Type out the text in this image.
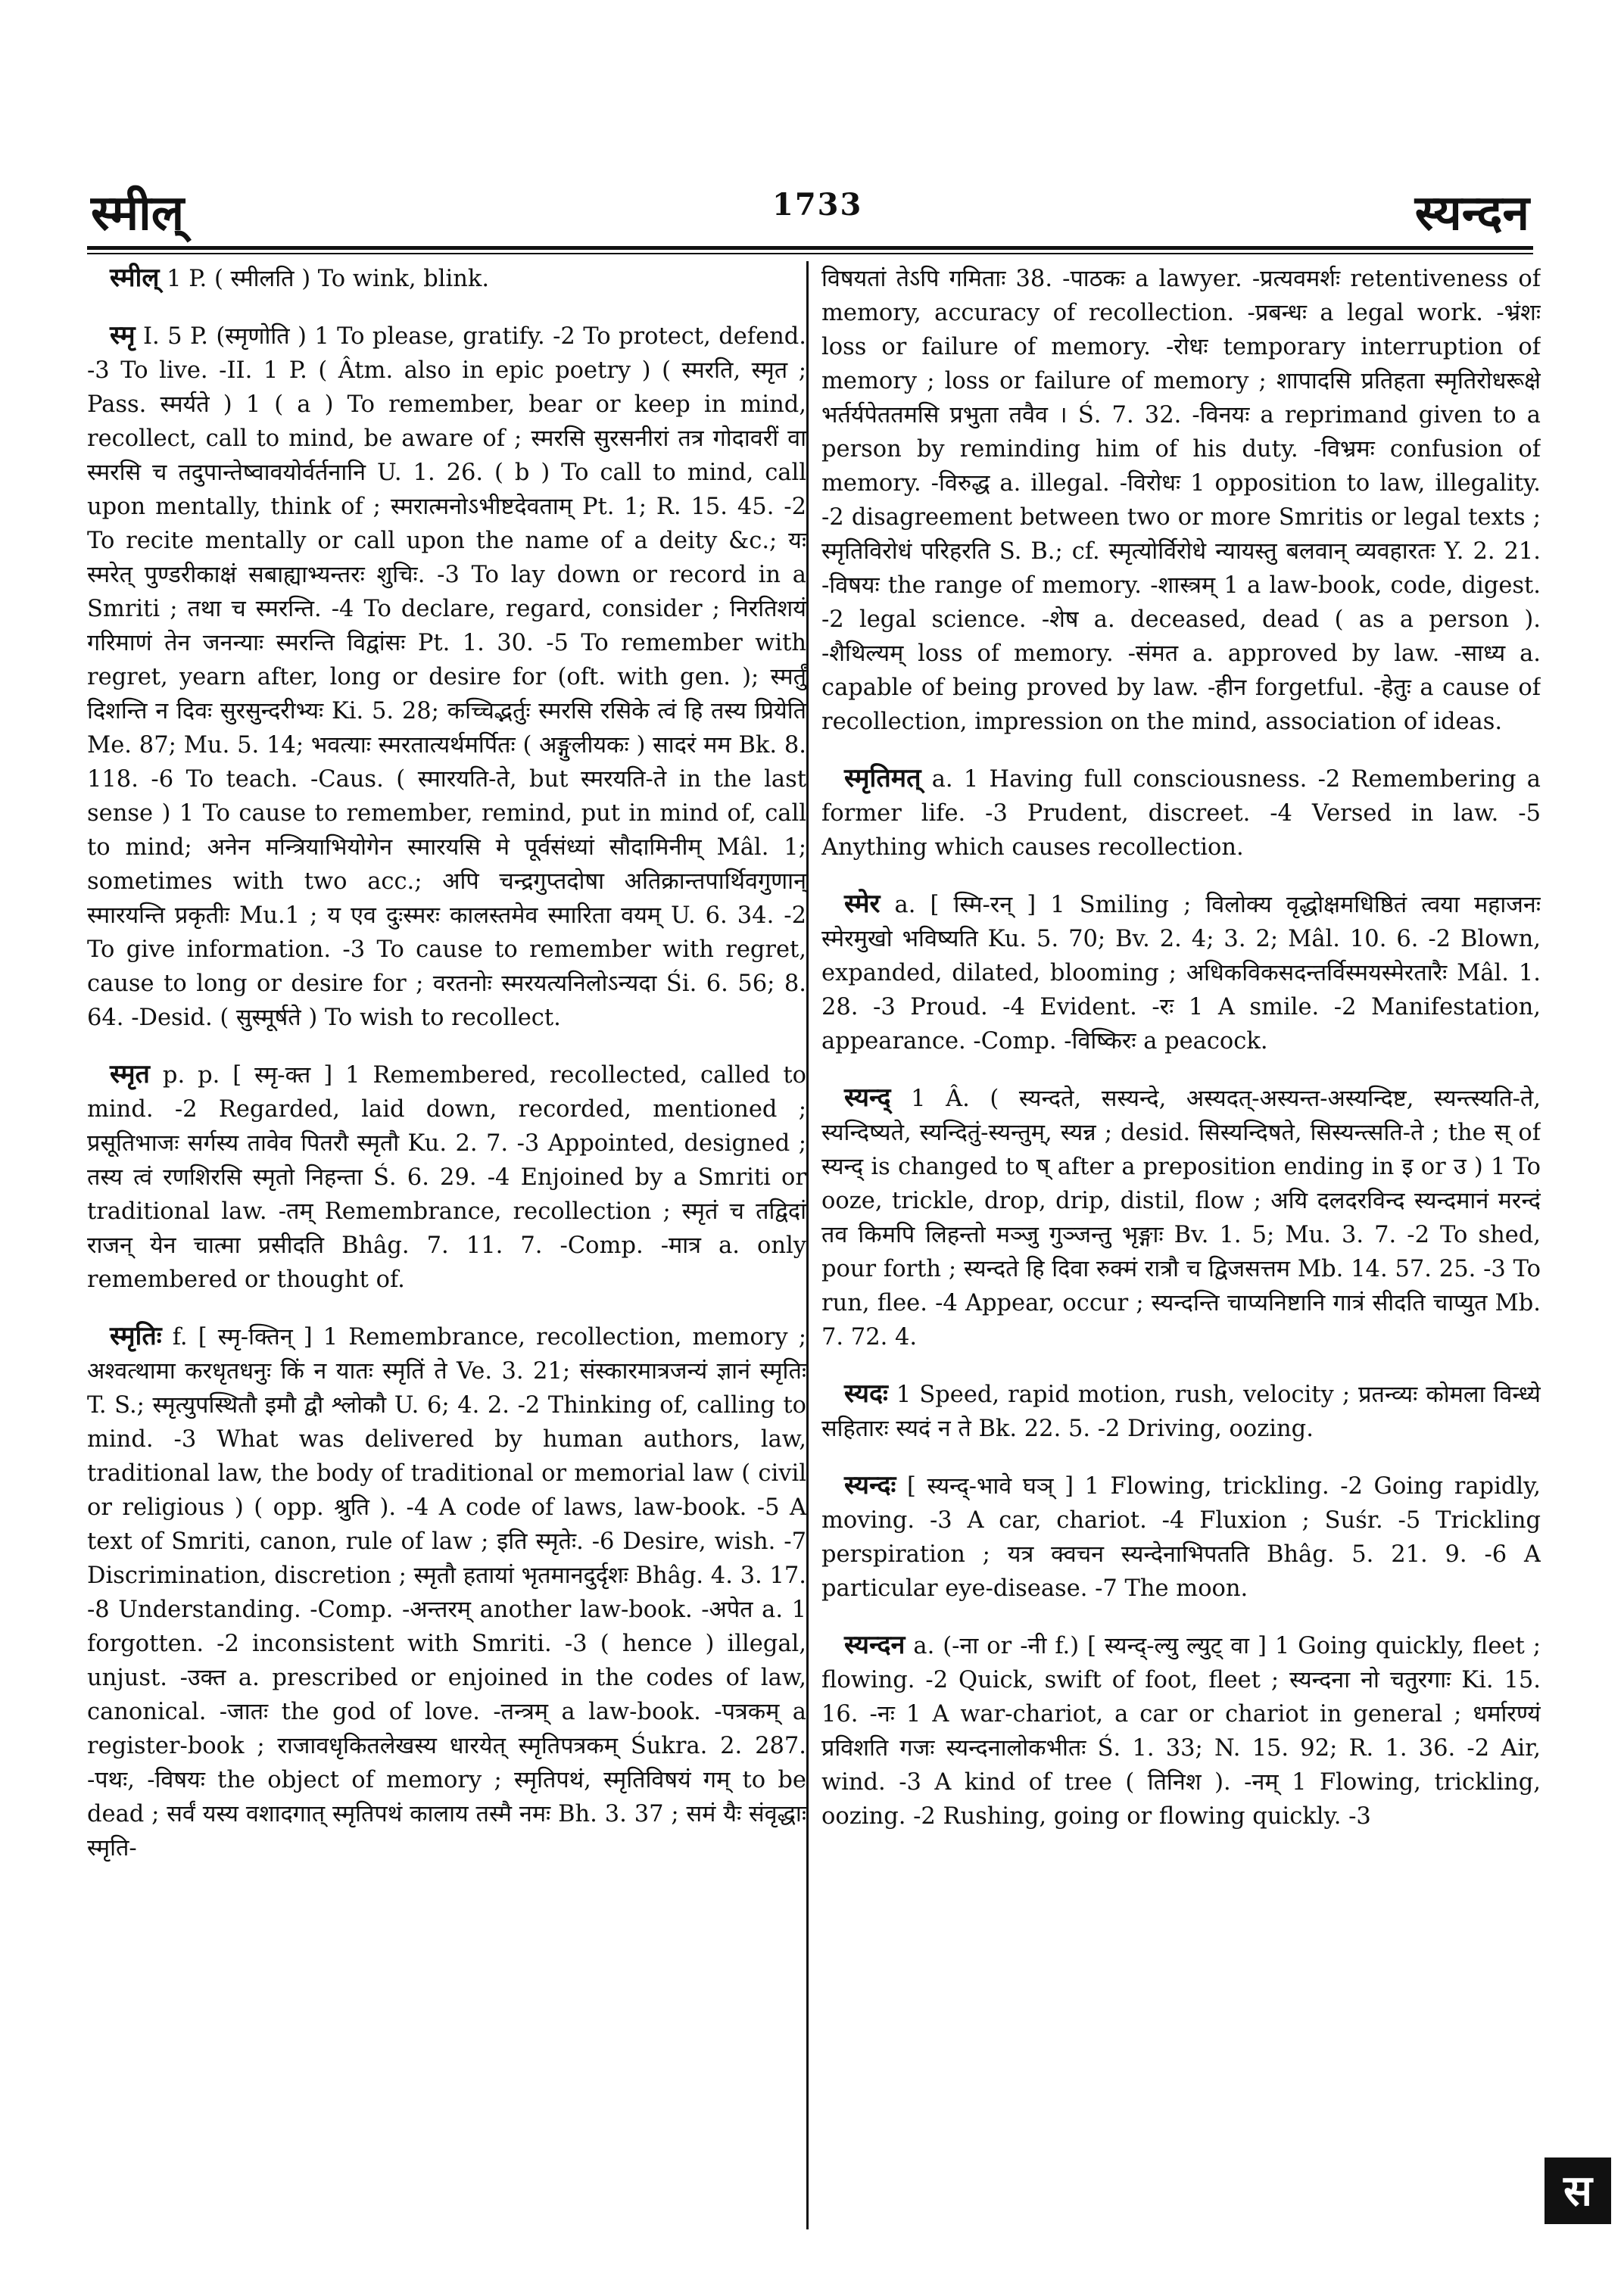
स्मील्	1733	स्यन्दन

स्मील् 1 P. ( स्मीलति ) To wink, blink.

स्मृ I. 5 P. (स्मृणोति ) 1 To please, gratify. -2 To protect, defend. -3 To live. -II. 1 P. ( Âtm. also in epic poetry ) ( स्मरति, स्मृत ; Pass. स्मर्यते ) 1 ( a ) To remember, bear or keep in mind, recollect, call to mind, be aware of ; स्मरसि सुरसनीरां तत्र गोदावरीं वा स्मरसि च तदुपान्तेष्वावयोर्वर्तनानि U. 1. 26. ( b ) To call to mind, call upon mentally, think of ; स्मरात्मनोऽभीष्टदेवताम् Pt. 1; R. 15. 45. -2 To recite mentally or call upon the name of a deity &c.; यः स्मरेत् पुण्डरीकाक्षं सबाह्याभ्यन्तरः शुचिः. -3 To lay down or record in a Smriti ; तथा च स्मरन्ति. -4 To declare, regard, consider ; निरतिशयं गरिमाणं तेन जनन्याः स्मरन्ति विद्वांसः Pt. 1. 30. -5 To remember with regret, yearn after, long or desire for (oft. with gen. ); स्मर्तुं दिशन्ति न दिवः सुरसुन्दरीभ्यः Ki. 5. 28; कच्चिद्भर्तुः स्मरसि रसिके त्वं हि तस्य प्रियेति Me. 87; Mu. 5. 14; भवत्याः स्मरतात्यर्थमर्पितः ( अङ्गुलीयकः ) सादरं मम Bk. 8. 118. -6 To teach. -Caus. ( स्मारयति-ते, but स्मरयति-ते in the last sense ) 1 To cause to remember, remind, put in mind of, call to mind; अनेन मन्त्रियाभियोगेन स्मारयसि मे पूर्वसंध्यां सौदामिनीम् Mâl. 1; sometimes with two acc.; अपि चन्द्रगुप्तदोषा अतिक्रान्तपार्थिवगुणान् स्मारयन्ति प्रकृतीः Mu.1 ; य एव दुःस्मरः कालस्तमेव स्मारिता वयम् U. 6. 34. -2 To give information. -3 To cause to remember with regret, cause to long or desire for ; वरतनोः स्मरयत्यनिलोऽन्यदा Śi. 6. 56; 8. 64. -Desid. ( सुस्मूर्षते ) To wish to recollect.

स्मृत p. p. [ स्मृ-क्त ] 1 Remembered, recollected, called to mind. -2 Regarded, laid down, recorded, mentioned ; प्रसूतिभाजः सर्गस्य तावेव पितरौ स्मृतौ Ku. 2. 7. -3 Appointed, designed ; तस्य त्वं रणशिरसि स्मृतो निहन्ता Ś. 6. 29. -4 Enjoined by a Smriti or traditional law. -तम् Remembrance, recollection ; स्मृतं च तद्विदां राजन् येन चात्मा प्रसीदति Bhâg. 7. 11. 7. -Comp. -मात्र a. only remembered or thought of.

स्मृतिः f. [ स्मृ-क्तिन् ] 1 Remembrance, recollection, memory ; अश्वत्थामा करधृतधनुः किं न यातः स्मृतिं ते Ve. 3. 21; संस्कारमात्रजन्यं ज्ञानं स्मृतिः T. S.; स्मृत्युपस्थितौ इमौ द्वौ श्लोकौ U. 6; 4. 2. -2 Thinking of, calling to mind. -3 What was delivered by human authors, law, traditional law, the body of traditional or memorial law ( civil or religious ) ( opp. श्रुति ). -4 A code of laws, law-book. -5 A text of Smriti, canon, rule of law ; इति स्मृतेः. -6 Desire, wish. -7 Discrimination, discretion ; स्मृतौ हतायां भृतमानदुर्दृशः Bhâg. 4. 3. 17. -8 Understanding. -Comp. -अन्तरम् another law-book. -अपेत a. 1 forgotten. -2 inconsistent with Smriti. -3 ( hence ) illegal, unjust. -उक्त a. prescribed or enjoined in the codes of law, canonical. -जातः the god of love. -तन्त्रम् a law-book. -पत्रकम् a register-book ; राजावधृकितलेखस्य धारयेत् स्मृतिपत्रकम् Śukra. 2. 287. -पथः, -विषयः the object of memory ; स्मृतिपथं, स्मृतिविषयं गम् to be dead ; सर्वं यस्य वशादगात् स्मृतिपथं कालाय तस्मै नमः Bh. 3. 37 ; समं यैः संवृद्धाः स्मृति-

विषयतां तेऽपि गमिताः 38. -पाठकः a lawyer. -प्रत्यवमर्शः retentiveness of memory, accuracy of recollection. -प्रबन्धः a legal work. -भ्रंशः loss or failure of memory. -रोधः temporary interruption of memory ; loss or failure of memory ; शापादसि प्रतिहता स्मृतिरोधरूक्षे भर्तर्यपेततमसि प्रभुता तवैव । Ś. 7. 32. -विनयः a reprimand given to a person by reminding him of his duty. -विभ्रमः confusion of memory. -विरुद्ध a. illegal. -विरोधः 1 opposition to law, illegality. -2 disagreement between two or more Smritis or legal texts ; स्मृतिविरोधं परिहरति S. B.; cf. स्मृत्योर्विरोधे न्यायस्तु बलवान् व्यवहारतः Y. 2. 21. -विषयः the range of memory. -शास्त्रम् 1 a law-book, code, digest. -2 legal science. -शेष a. deceased, dead ( as a person ). -शैथिल्यम् loss of memory. -संमत a. approved by law. -साध्य a. capable of being proved by law. -हीन forgetful. -हेतुः a cause of recollection, impression on the mind, association of ideas.

स्मृतिमत् a. 1 Having full consciousness. -2 Remembering a former life. -3 Prudent, discreet. -4 Versed in law. -5 Anything which causes recollection.

स्मेर a. [ स्मि-रन् ] 1 Smiling ; विलोक्य वृद्धोक्षमधिष्ठितं त्वया महाजनः स्मेरमुखो भविष्यति Ku. 5. 70; Bv. 2. 4; 3. 2; Mâl. 10. 6. -2 Blown, expanded, dilated, blooming ; अधिकविकसदन्तर्विस्मयस्मेरतारैः Mâl. 1. 28. -3 Proud. -4 Evident. -रः 1 A smile. -2 Manifestation, appearance. -Comp. -विष्किरः a peacock.

स्यन्द् 1 Â. ( स्यन्दते, सस्यन्दे, अस्यदत्-अस्यन्त-अस्यन्दिष्ट, स्यन्त्स्यति-ते, स्यन्दिष्यते, स्यन्दितुं-स्यन्तुम्, स्यन्न ; desid. सिस्यन्दिषते, सिस्यन्त्सति-ते ; the स् of स्यन्द् is changed to ष् after a preposition ending in इ or उ ) 1 To ooze, trickle, drop, drip, distil, flow ; अयि दलदरविन्द स्यन्दमानं मरन्दं तव किमपि लिहन्तो मञ्जु गुञ्जन्तु भृङ्गाः Bv. 1. 5; Mu. 3. 7. -2 To shed, pour forth ; स्यन्दते हि दिवा रुक्मं रात्रौ च द्विजसत्तम Mb. 14. 57. 25. -3 To run, flee. -4 Appear, occur ; स्यन्दन्ति चाप्यनिष्टानि गात्रं सीदति चाप्युत Mb. 7. 72. 4.

स्यदः 1 Speed, rapid motion, rush, velocity ; प्रतन्व्यः कोमला विन्ध्ये सहितारः स्यदं न ते Bk. 22. 5. -2 Driving, oozing.

स्यन्दः [ स्यन्द्-भावे घञ् ] 1 Flowing, trickling. -2 Going rapidly, moving. -3 A car, chariot. -4 Fluxion ; Suśr. -5 Trickling perspiration ; यत्र क्वचन स्यन्देनाभिपतति Bhâg. 5. 21. 9. -6 A particular eye-disease. -7 The moon.

स्यन्दन a. (-ना or -नी f.) [ स्यन्द्-ल्यु ल्युट् वा ] 1 Going quickly, fleet ; flowing. -2 Quick, swift of foot, fleet ; स्यन्दना नो चतुरगाः Ki. 15. 16. -नः 1 A war-chariot, a car or chariot in general ; धर्मारण्यं प्रविशति गजः स्यन्दनालोकभीतः Ś. 1. 33; N. 15. 92; R. 1. 36. -2 Air, wind. -3 A kind of tree ( तिनिश ). -नम् 1 Flowing, trickling, oozing. -2 Rushing, going or flowing quickly. -3

स
